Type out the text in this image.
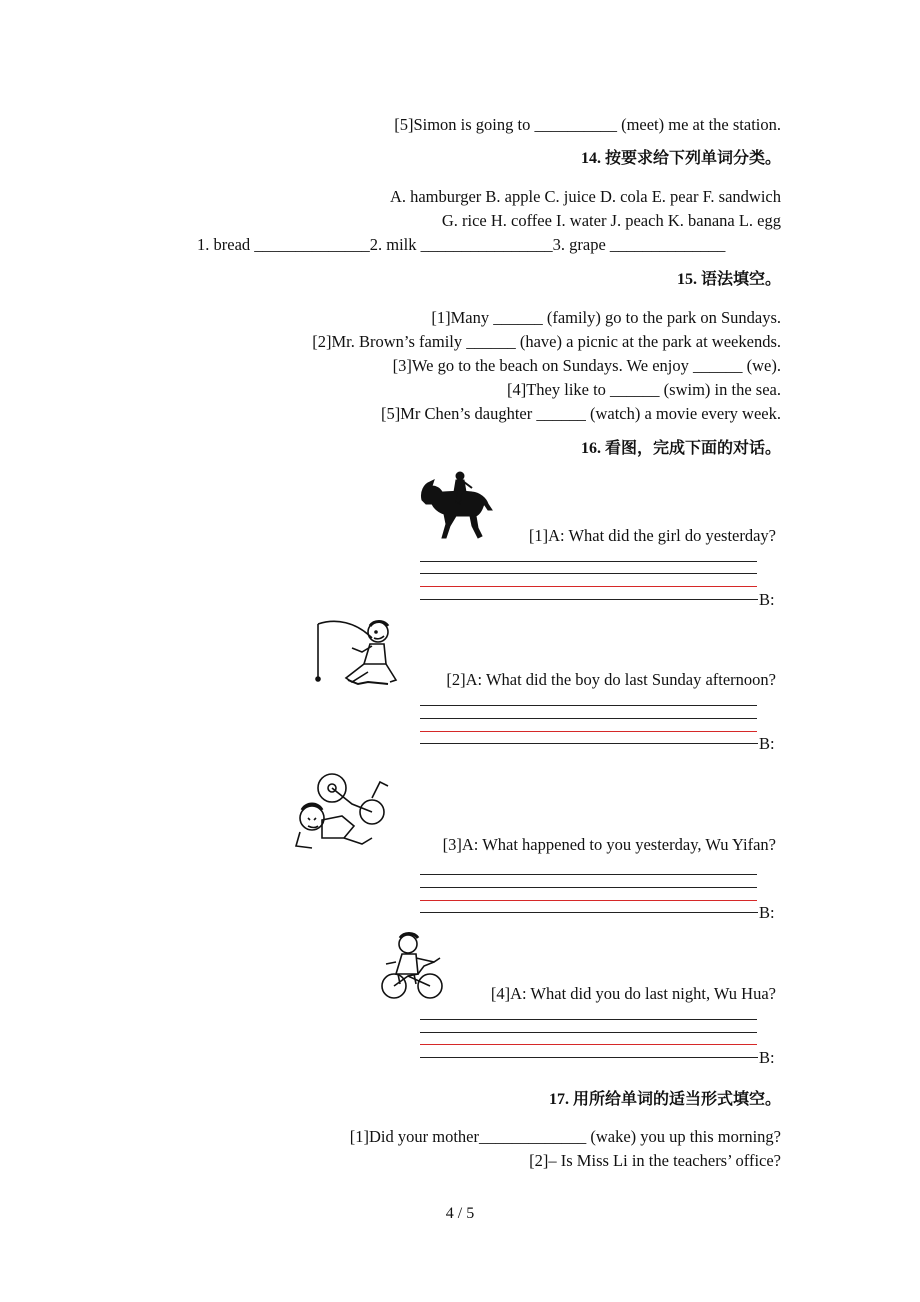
[5]Simon is going to __________ (meet) me at the station.
14. 按要求给下列单词分类。
A. hamburger B. apple C. juice D. cola E. pear F. sandwich
G. rice H. coffee I. water J. peach K. banana L. egg
1. bread ______________2. milk ________________3. grape ______________
15. 语法填空。
[1]Many ______ (family) go to the park on Sundays.
[2]Mr. Brown’s family ______ (have) a picnic at the park at weekends.
[3]We go to the beach on Sundays. We enjoy ______ (we).
[4]They like to ______ (swim) in the sea.
[5]Mr Chen’s daughter ______ (watch) a movie every week.
16. 看图，完成下面的对话。
[1]A: What did the girl do yesterday?
B:
[2]A: What did the boy do last Sunday afternoon?
B:
[3]A: What happened to you yesterday, Wu Yifan?
B:
[4]A: What did you do last night, Wu Hua?
B:
17. 用所给单词的适当形式填空。
[1]Did your mother_____________ (wake) you up this morning?
[2]– Is Miss Li in the teachers’ office?
4 / 5
